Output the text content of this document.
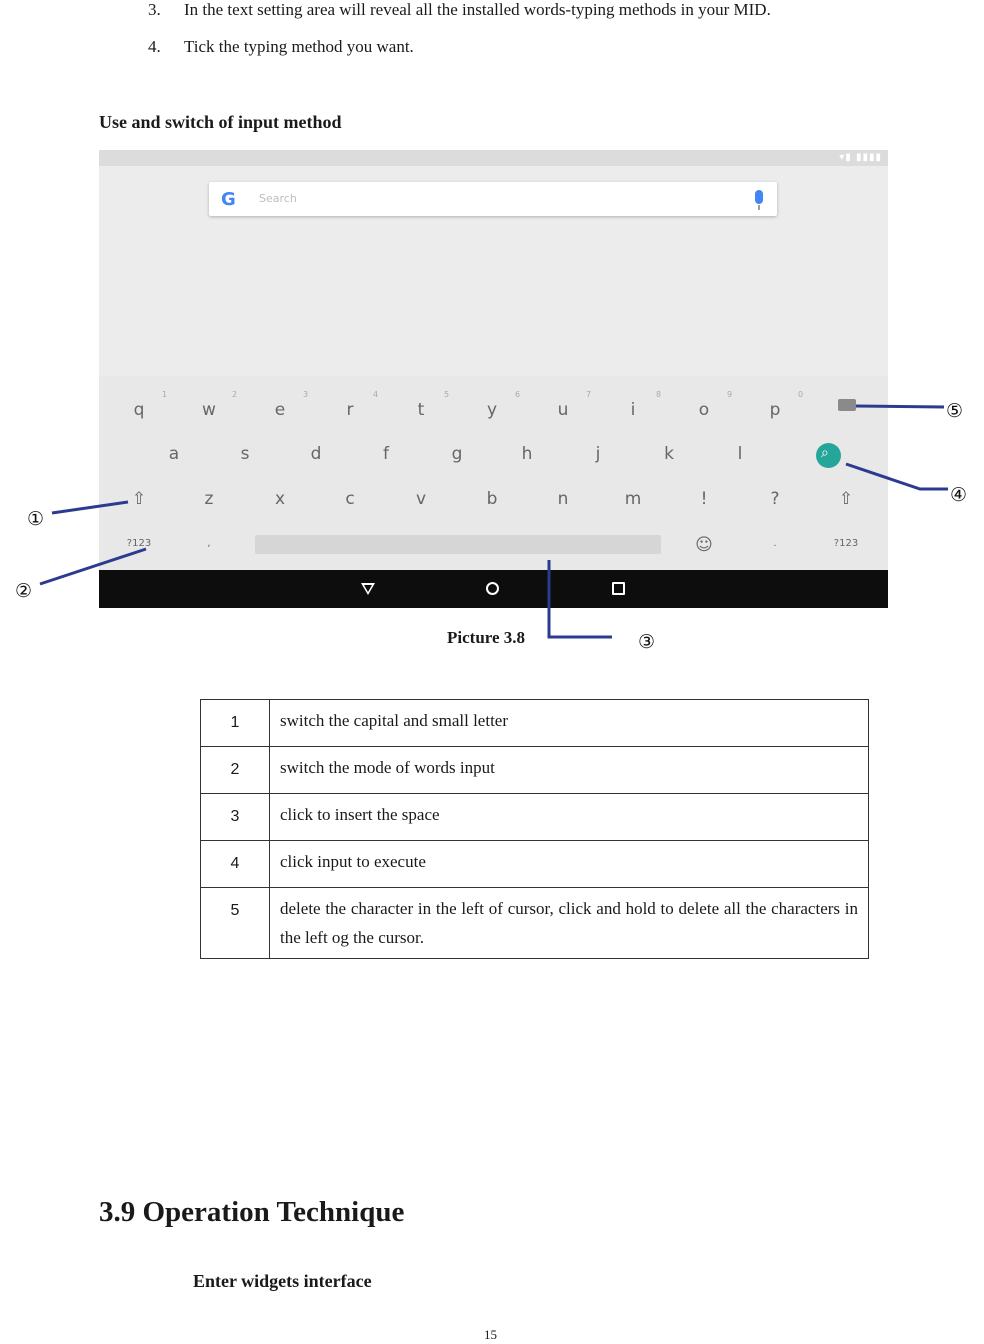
3. In the text setting area will reveal all the installed words-typing methods in your MID.
4. Tick the typing method you want.
Use and switch of input method
▾▮ ▮▮▮▮
G Search
q	w	e	r	t	y	u	i	o	p
1	2	3	4	5	6	7	8	9	0
a	s	d	f	g	h	j	k	l	⌕
⇧	z	x	c	v	b	n	m	!	?	⇧
?123	,	☺	.	?123
①
②
③
④
⑤
Picture 3.8
1	switch the capital and small letter
2	switch the mode of words input
3	click to insert the space
4	click input to execute
5	delete the character in the left of cursor, click and hold to delete all the characters in the left og the cursor.
3.9 Operation Technique
Enter widgets interface
15
